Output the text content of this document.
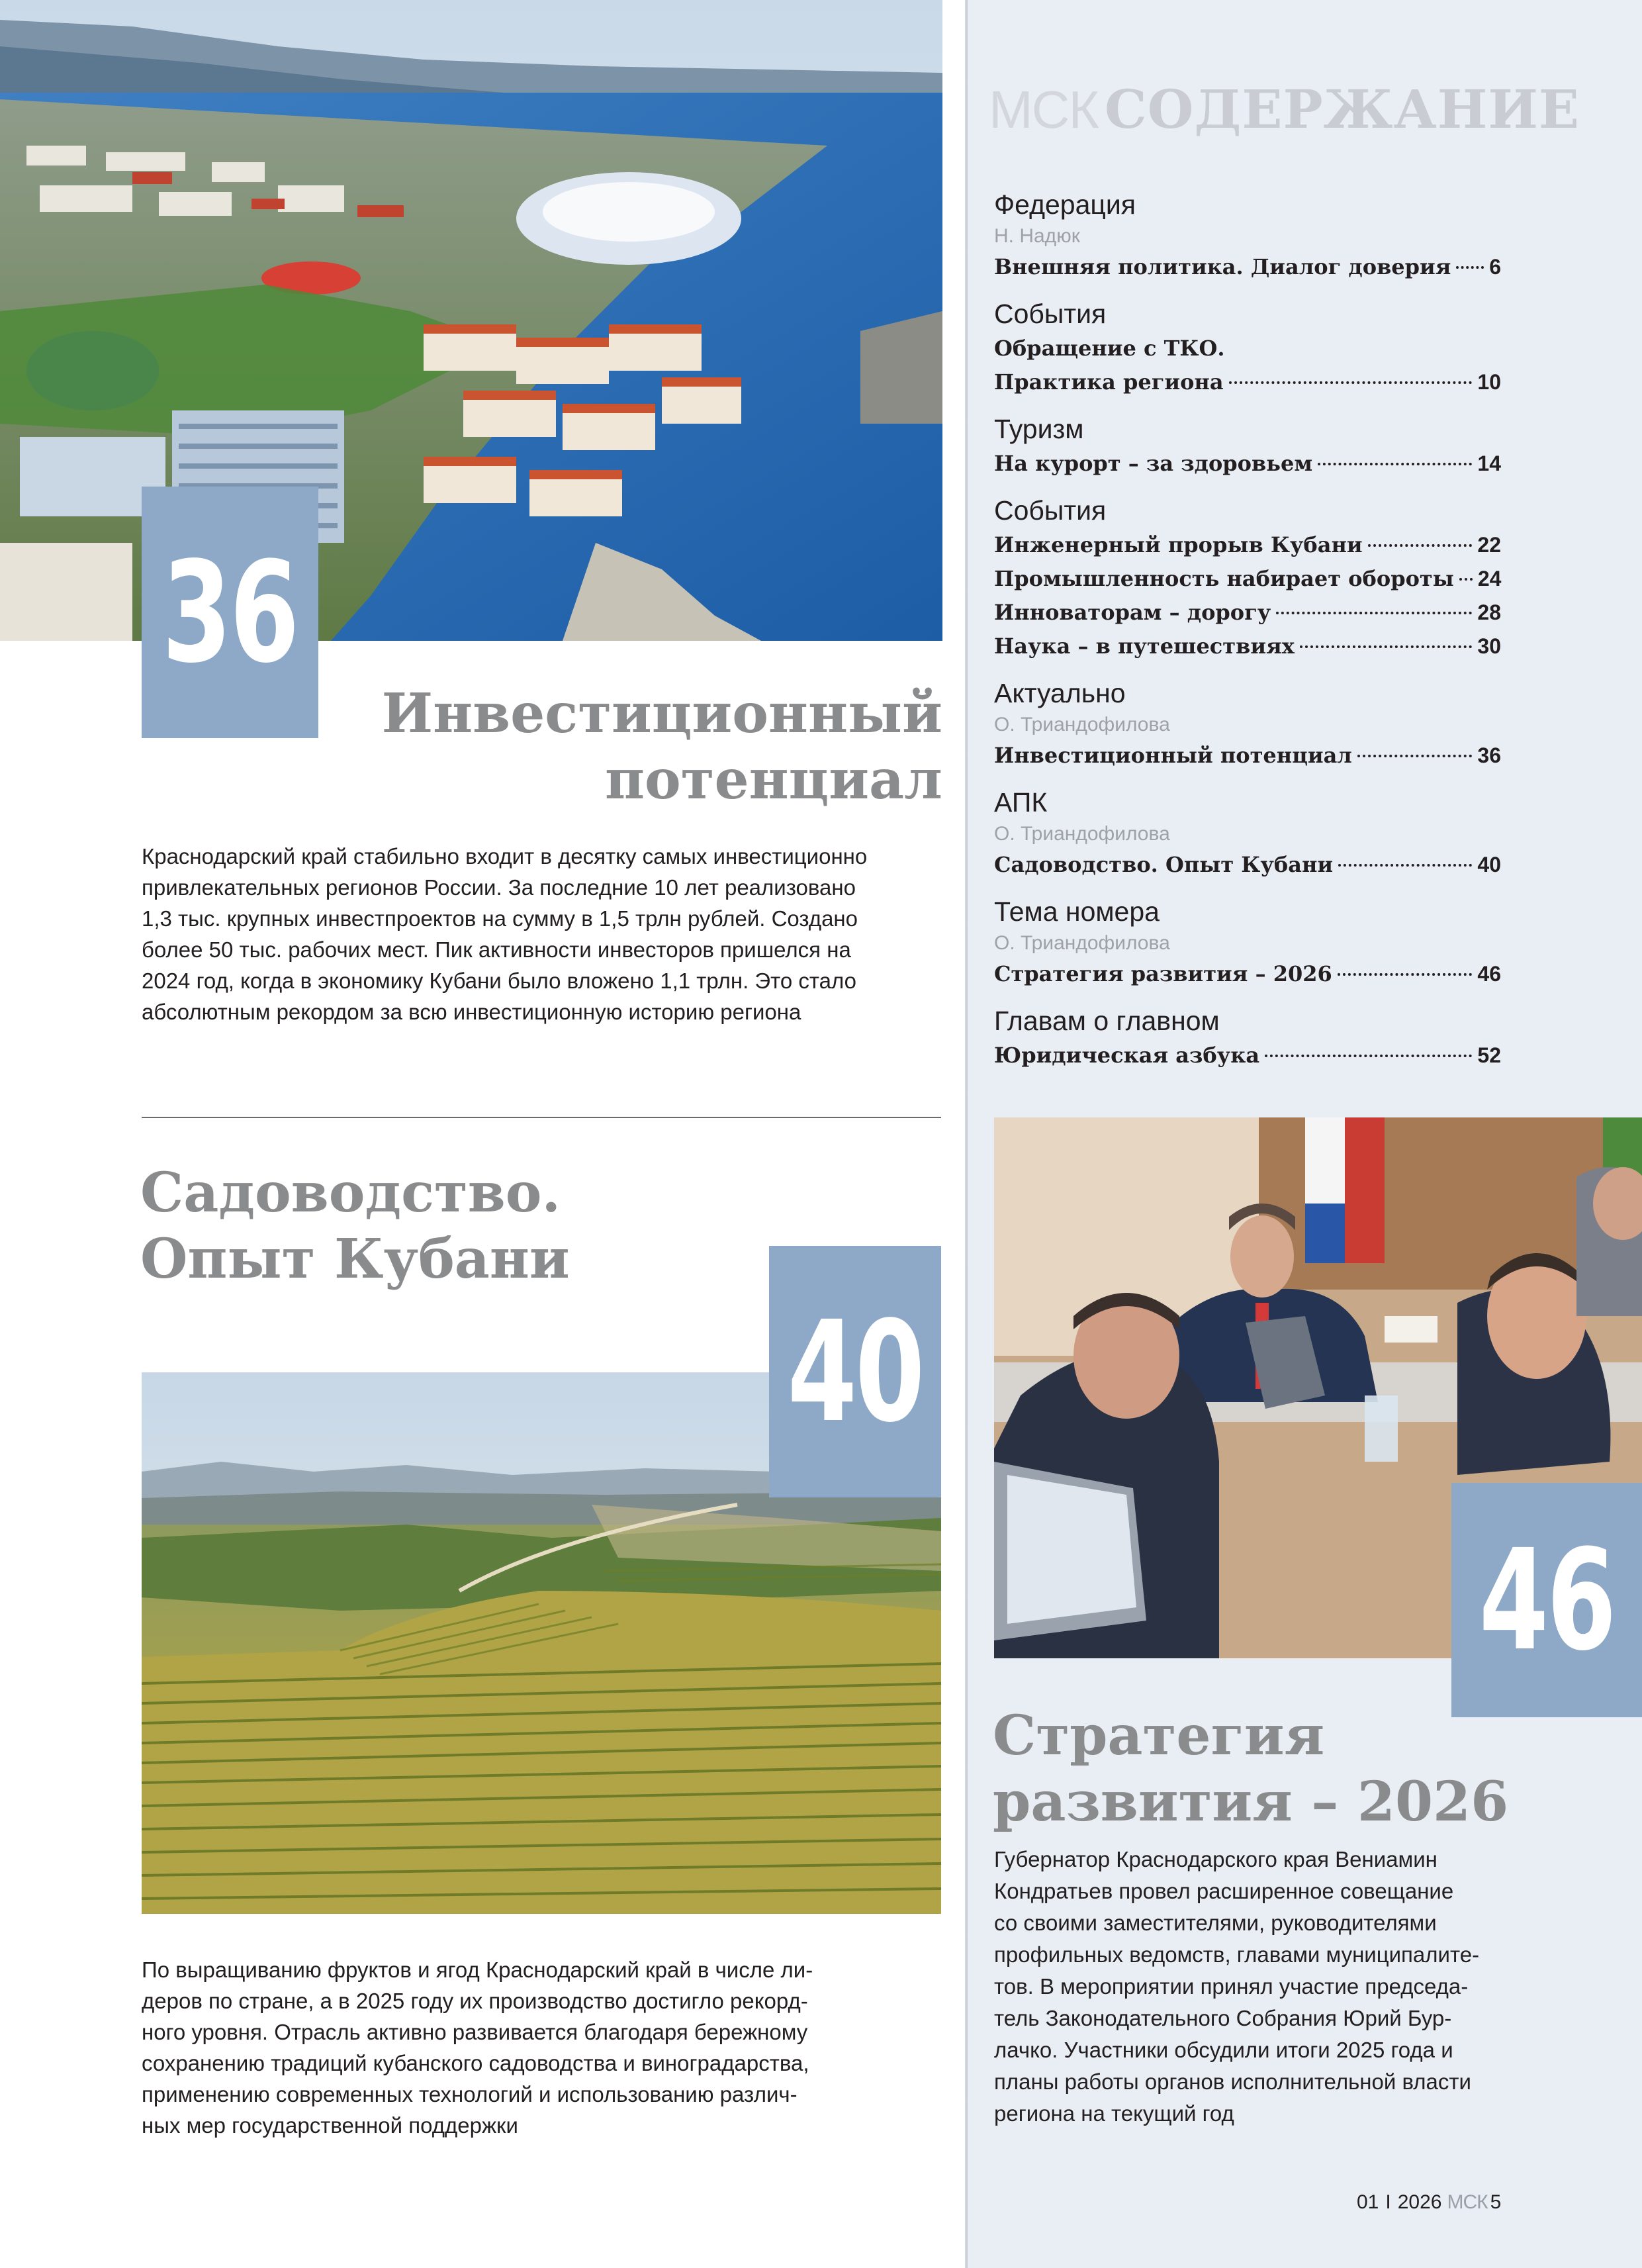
36
Инвестиционный
потенциал

Краснодарский край стабильно входит в десятку самых инвестиционно

привлекательных регионов России. За последние 10 лет реализовано

1,3 тыс. крупных инвестпроектов на сумму в 1,5 трлн рублей. Создано

более 50 тыс. рабочих мест. Пик активности инвесторов пришелся на

2024 год, когда в экономику Кубани было вложено 1,1 трлн. Это стало

абсолютным рекордом за всю инвестиционную историю региона

Садоводство.
Опыт Кубани
40

По выращиванию фруктов и ягод Краснодарский край в числе ли-

деров по стране, а в 2025 году их производство достигло рекорд-

ного уровня. Отрасль активно развивается благодаря бережному

сохранению традиций кубанского садоводства и виноградарства,

применению современных технологий и использованию различ-

ных мер государственной поддержки

МСК СОДЕРЖАНИЕ
Федерация
Н. Надюк
Внешняя политика. Диалог доверия 6
События
Обращение с ТКО.
Практика региона	10
Туризм
На курорт – за здоровьем	14
События
Инженерный прорыв Кубани	22
Промышленность набирает обороты 24
Инноваторам – дорогу	28
Наука – в путешествиях	30
Актуально
О. Триандофилова
Инвестиционный потенциал	36
АПК
О. Триандофилова
Садоводство. Опыт Кубани	40
Тема номера
О. Триандофилова
Стратегия развития – 2026	46
Главам о главном
Юридическая азбука	52
46
Стратегия
развития – 2026

Губернатор Краснодарского края Вениамин

Кондратьев провел расширенное совещание

со своими заместителями, руководителями

профильных ведомств, главами муниципалите-

тов. В мероприятии принял участие председа-

тель Законодательного Собрания Юрий Бур-

лачко. Участники обсудили итоги 2025 года и

планы работы органов исполнительной власти

региона на текущий год

01 I 2026 МСК 5
